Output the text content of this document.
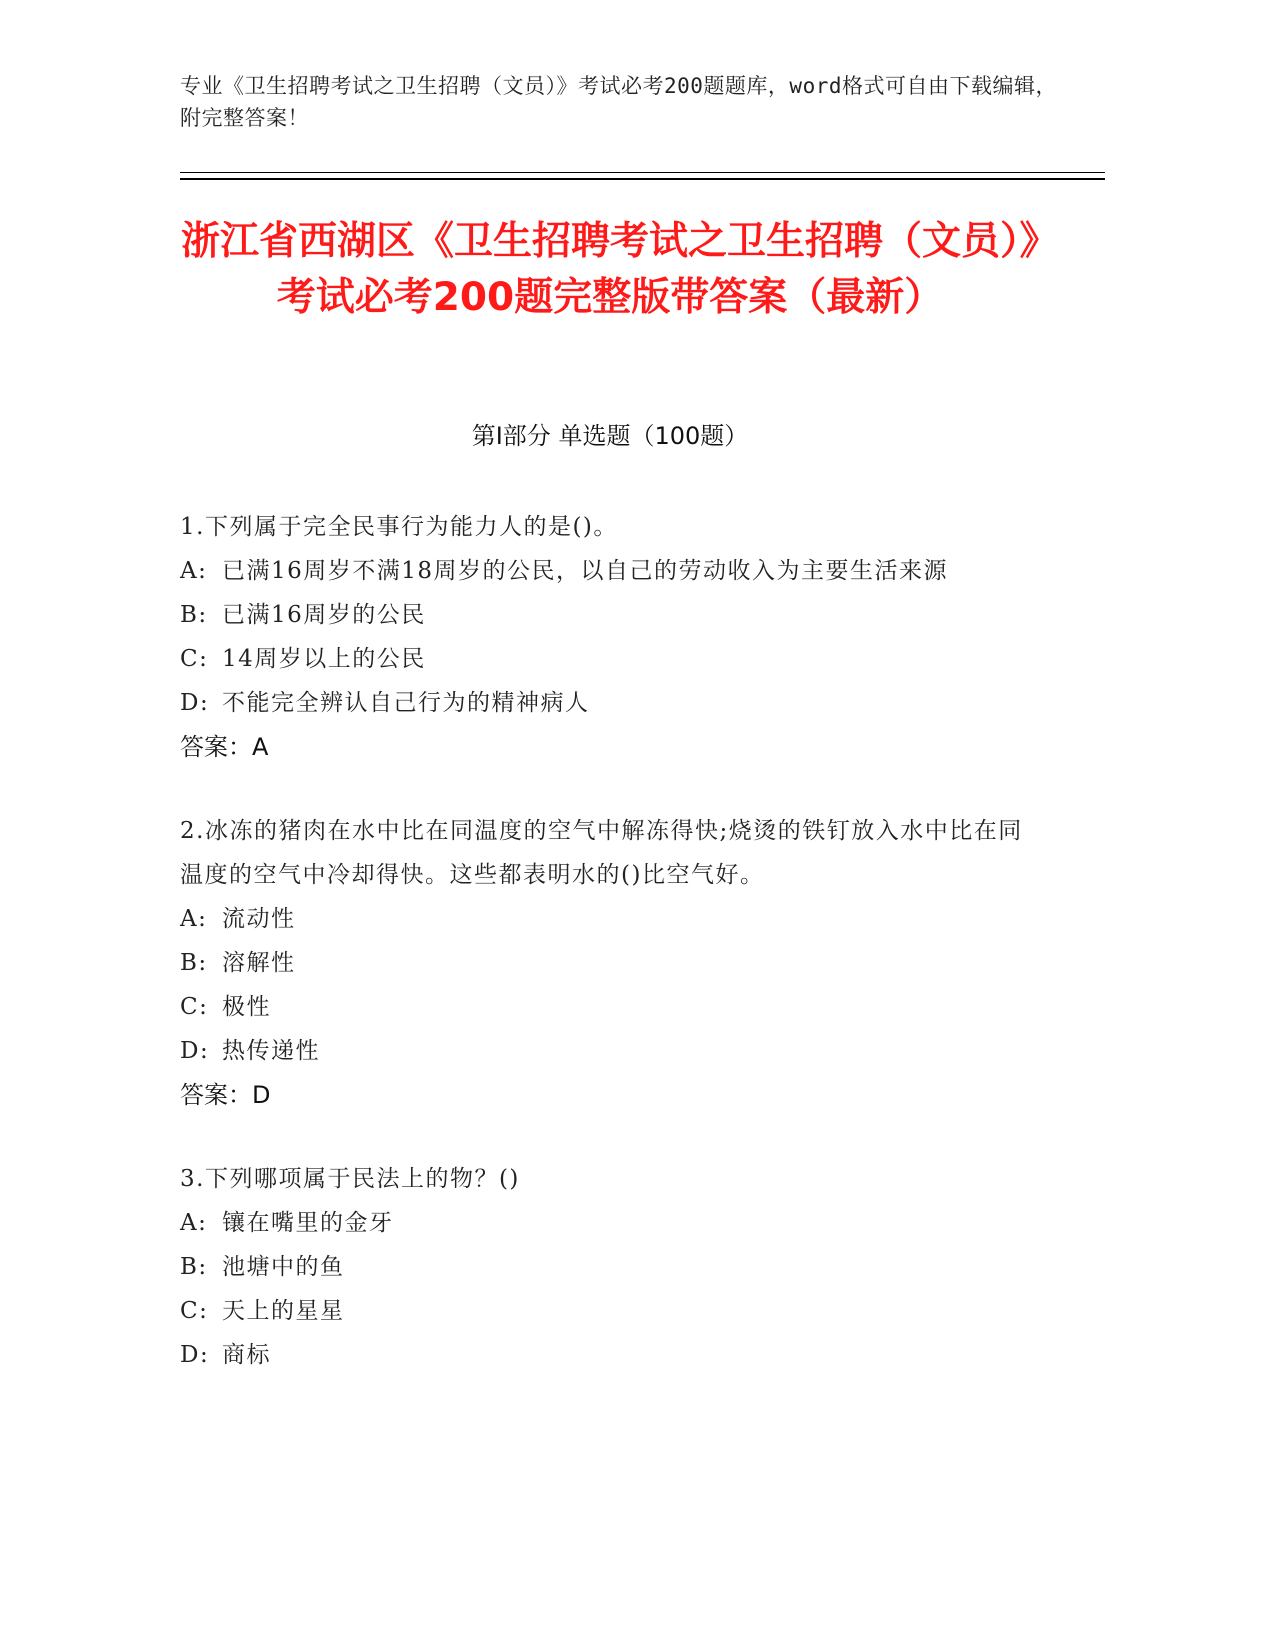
专业《卫生招聘考试之卫生招聘（文员）》考试必考200题题库，word格式可自由下载编辑，附完整答案！
浙江省西湖区《卫生招聘考试之卫生招聘（文员）》考试必考200题完整版带答案（最新）
第I部分 单选题（100题）
1.下列属于完全民事行为能力人的是()。
A: 已满16周岁不满18周岁的公民，以自己的劳动收入为主要生活来源
B: 已满16周岁的公民
C: 14周岁以上的公民
D: 不能完全辨认自己行为的精神病人
答案：A
2.冰冻的猪肉在水中比在同温度的空气中解冻得快;烧烫的铁钉放入水中比在同温度的空气中冷却得快。这些都表明水的()比空气好。
A: 流动性
B: 溶解性
C: 极性
D: 热传递性
答案：D
3.下列哪项属于民法上的物？()
A: 镶在嘴里的金牙
B: 池塘中的鱼
C: 天上的星星
D: 商标
